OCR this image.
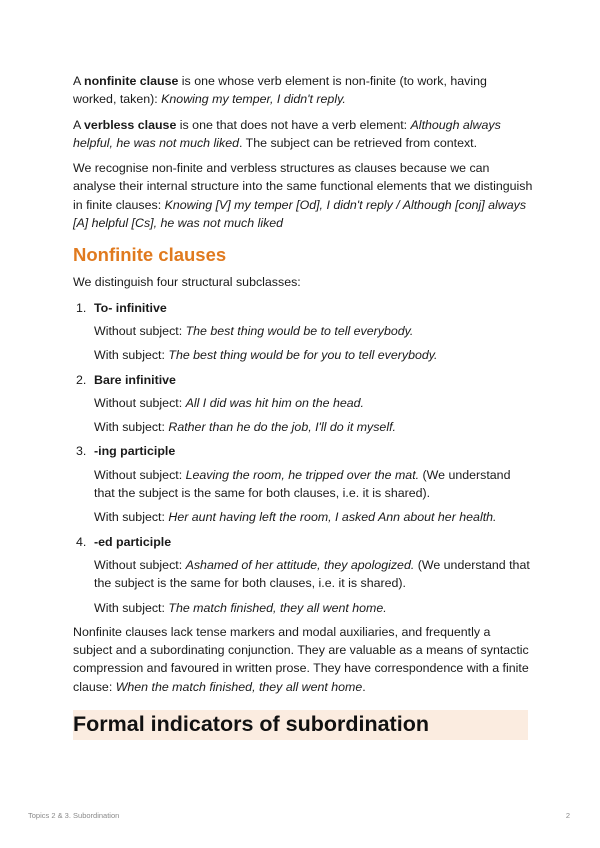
A nonfinite clause is one whose verb element is non-finite (to work, having worked, taken): Knowing my temper, I didn't reply.

A verbless clause is one that does not have a verb element: Although always helpful, he was not much liked. The subject can be retrieved from context.

We recognise non-finite and verbless structures as clauses because we can analyse their internal structure into the same functional elements that we distinguish in finite clauses: Knowing [V] my temper [Od], I didn't reply / Although [conj] always [A] helpful [Cs], he was not much liked

Nonfinite clauses

We distinguish four structural subclasses:

1. To- infinitive

Without subject: The best thing would be to tell everybody.

With subject: The best thing would be for you to tell everybody.

2. Bare infinitive

Without subject: All I did was hit him on the head.

With subject: Rather than he do the job, I'll do it myself.

3. -ing participle

Without subject: Leaving the room, he tripped over the mat. (We understand that the subject is the same for both clauses, i.e. it is shared).

With subject: Her aunt having left the room, I asked Ann about her health.

4. -ed participle

Without subject: Ashamed of her attitude, they apologized. (We understand that the subject is the same for both clauses, i.e. it is shared).

With subject: The match finished, they all went home.

Nonfinite clauses lack tense markers and modal auxiliaries, and frequently a subject and a subordinating conjunction. They are valuable as a means of syntactic compression and favoured in written prose. They have correspondence with a finite clause: When the match finished, they all went home.

Formal indicators of subordination
Topics 2 & 3. Subordination	2
